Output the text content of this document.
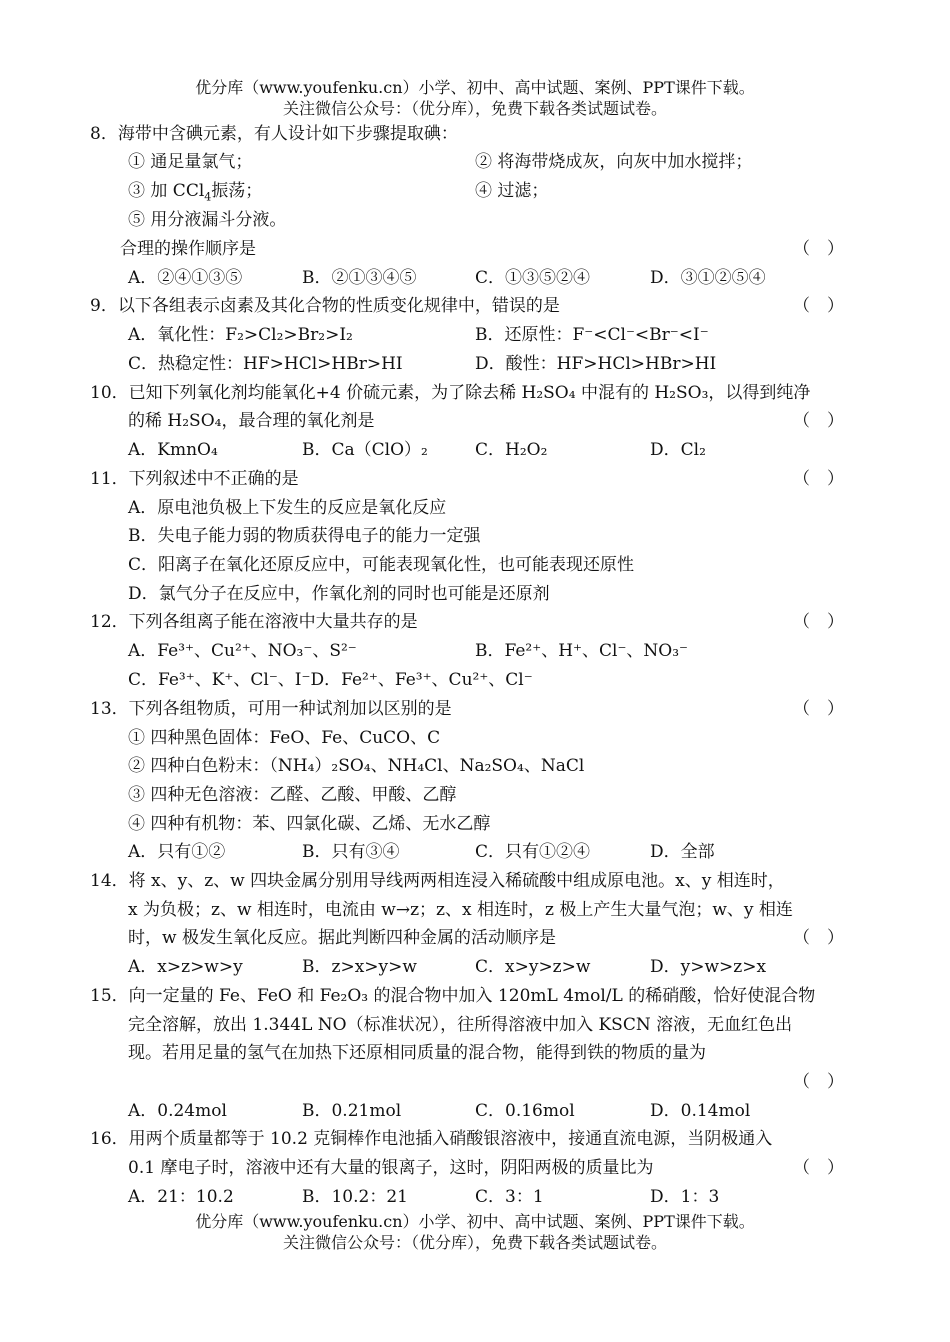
优分库（www.youfenku.cn）小学、初中、高中试题、案例、PPT课件下载。
关注微信公众号：（优分库），免费下载各类试题试卷。
8．海带中含碘元素，有人设计如下步骤提取碘：
① 通足量氯气；	② 将海带烧成灰，向灰中加水搅拌；
③ 加 CCl$_4$振荡；	④ 过滤；
⑤ 用分液漏斗分液。
合理的操作顺序是	（　）
A．②④①③⑤	B．②①③④⑤	C．①③⑤②④	D．③①②⑤④
9．以下各组表示卤素及其化合物的性质变化规律中，错误的是	（　）
A．氧化性：F₂>Cl₂>Br₂>I₂	B．还原性：F⁻<Cl⁻<Br⁻<I⁻
C．热稳定性：HF>HCl>HBr>HI	D．酸性：HF>HCl>HBr>HI
10．已知下列氧化剂均能氧化+4 价硫元素，为了除去稀 H₂SO₄ 中混有的 H₂SO₃，以得到纯净
的稀 H₂SO₄，最合理的氧化剂是	（　）
A．KmnO₄	B．Ca（ClO）₂	C．H₂O₂	D．Cl₂
11．下列叙述中不正确的是	（　）
A．原电池负极上下发生的反应是氧化反应
B．失电子能力弱的物质获得电子的能力一定强
C．阳离子在氧化还原反应中，可能表现氧化性，也可能表现还原性
D．氯气分子在反应中，作氧化剂的同时也可能是还原剂
12．下列各组离子能在溶液中大量共存的是	（　）
A．Fe³⁺、Cu²⁺、NO₃⁻、S²⁻	B．Fe²⁺、H⁺、Cl⁻、NO₃⁻
C．Fe³⁺、K⁺、Cl⁻、I⁻D．Fe²⁺、Fe³⁺、Cu²⁺、Cl⁻
13．下列各组物质，可用一种试剂加以区别的是	（　）
① 四种黑色固体：FeO、Fe、CuCO、C
② 四种白色粉末：（NH₄）₂SO₄、NH₄Cl、Na₂SO₄、NaCl
③ 四种无色溶液：乙醛、乙酸、甲酸、乙醇
④ 四种有机物：苯、四氯化碳、乙烯、无水乙醇
A．只有①②	B．只有③④	C．只有①②④	D．全部
14．将 x、y、z、w 四块金属分别用导线两两相连浸入稀硫酸中组成原电池。x、y 相连时，
x 为负极；z、w 相连时，电流由 w→z；z、x 相连时，z 极上产生大量气泡；w、y 相连
时，w 极发生氧化反应。据此判断四种金属的活动顺序是	（　）
A．x>z>w>y	B．z>x>y>w	C．x>y>z>w	D．y>w>z>x
15．向一定量的 Fe、FeO 和 Fe₂O₃ 的混合物中加入 120mL 4mol/L 的稀硝酸，恰好使混合物
完全溶解，放出 1.344L NO（标准状况），往所得溶液中加入 KSCN 溶液，无血红色出
现。若用足量的氢气在加热下还原相同质量的混合物，能得到铁的物质的量为
（　）
A．0.24mol	B．0.21mol	C．0.16mol	D．0.14mol
16．用两个质量都等于 10.2 克铜棒作电池插入硝酸银溶液中，接通直流电源，当阴极通入
0.1 摩电子时，溶液中还有大量的银离子，这时，阴阳两极的质量比为	（　）
A．21：10.2	B．10.2：21	C．3：1	D．1：3
优分库（www.youfenku.cn）小学、初中、高中试题、案例、PPT课件下载。
关注微信公众号：（优分库），免费下载各类试题试卷。
